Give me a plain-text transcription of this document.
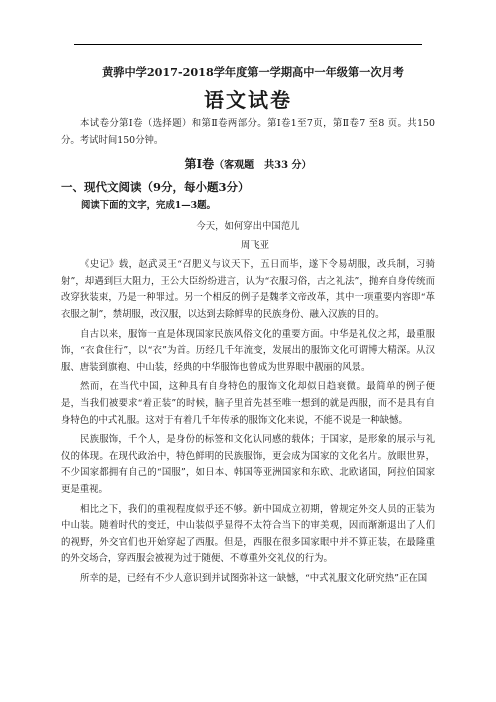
黄骅中学2017-2018学年度第一学期高中一年级第一次月考
语文试卷

本试卷分第Ⅰ卷（选择题）和第Ⅱ卷两部分。第Ⅰ卷1至7页，第Ⅱ卷7 至8 页。共150分。考试时间150分钟。

第Ⅰ卷（客观题　共33 分）
一、现代文阅读（9分，每小题3分）
阅读下面的文字，完成1—3题。
今天，如何穿出中国范儿
周飞亚

《史记》载，赵武灵王“召肥义与议天下，五日而毕，遂下令易胡服，改兵制，习骑射”，却遇到巨大阻力，王公大臣纷纷进言，认为“衣服习俗，古之礼法”，抛弃自身传统而改穿狄装束，乃是一种罪过。另一个相反的例子是魏孝文帝改革，其中一项重要内容即“革衣服之制”，禁胡服，改汉服，以达到去除鲜卑的民族身份、融入汉族的目的。

自古以来，服饰一直是体现国家民族风俗文化的重要方面。中华是礼仪之邦，最重服饰，“衣食住行”，以“衣”为首。历经几千年流变，发展出的服饰文化可谓博大精深。从汉服、唐装到旗袍、中山装，经典的中华服饰也曾成为世界眼中靓丽的风景。

然而，在当代中国，这种具有自身特色的服饰文化却似日趋衰微。最简单的例子便是，当我们被要求“着正装”的时候，脑子里首先甚至唯一想到的就是西服，而不是具有自身特色的中式礼服。这对于有着几千年传承的服饰文化来说，不能不说是一种缺憾。

民族服饰，千个人，是身份的标签和文化认同感的载体；于国家，是形象的展示与礼仪的体现。在现代政治中，特色鲜明的民族服饰，更会成为国家的文化名片。放眼世界，不少国家都拥有自己的“国服”，如日本、韩国等亚洲国家和东欧、北欧诸国，阿拉伯国家更是重视。

相比之下，我们的重视程度似乎还不够。新中国成立初期，曾规定外交人员的正装为中山装。随着时代的变迁，中山装似乎显得不太符合当下的审美观，因而渐渐退出了人们的视野，外交官们也开始穿起了西服。但是，西服在很多国家眼中并不算正装，在最隆重的外交场合，穿西服会被视为过于随便、不尊重外交礼仪的行为。

所幸的是，已经有不少人意识到并试图弥补这一缺憾，“中式礼服文化研究热”正在国
